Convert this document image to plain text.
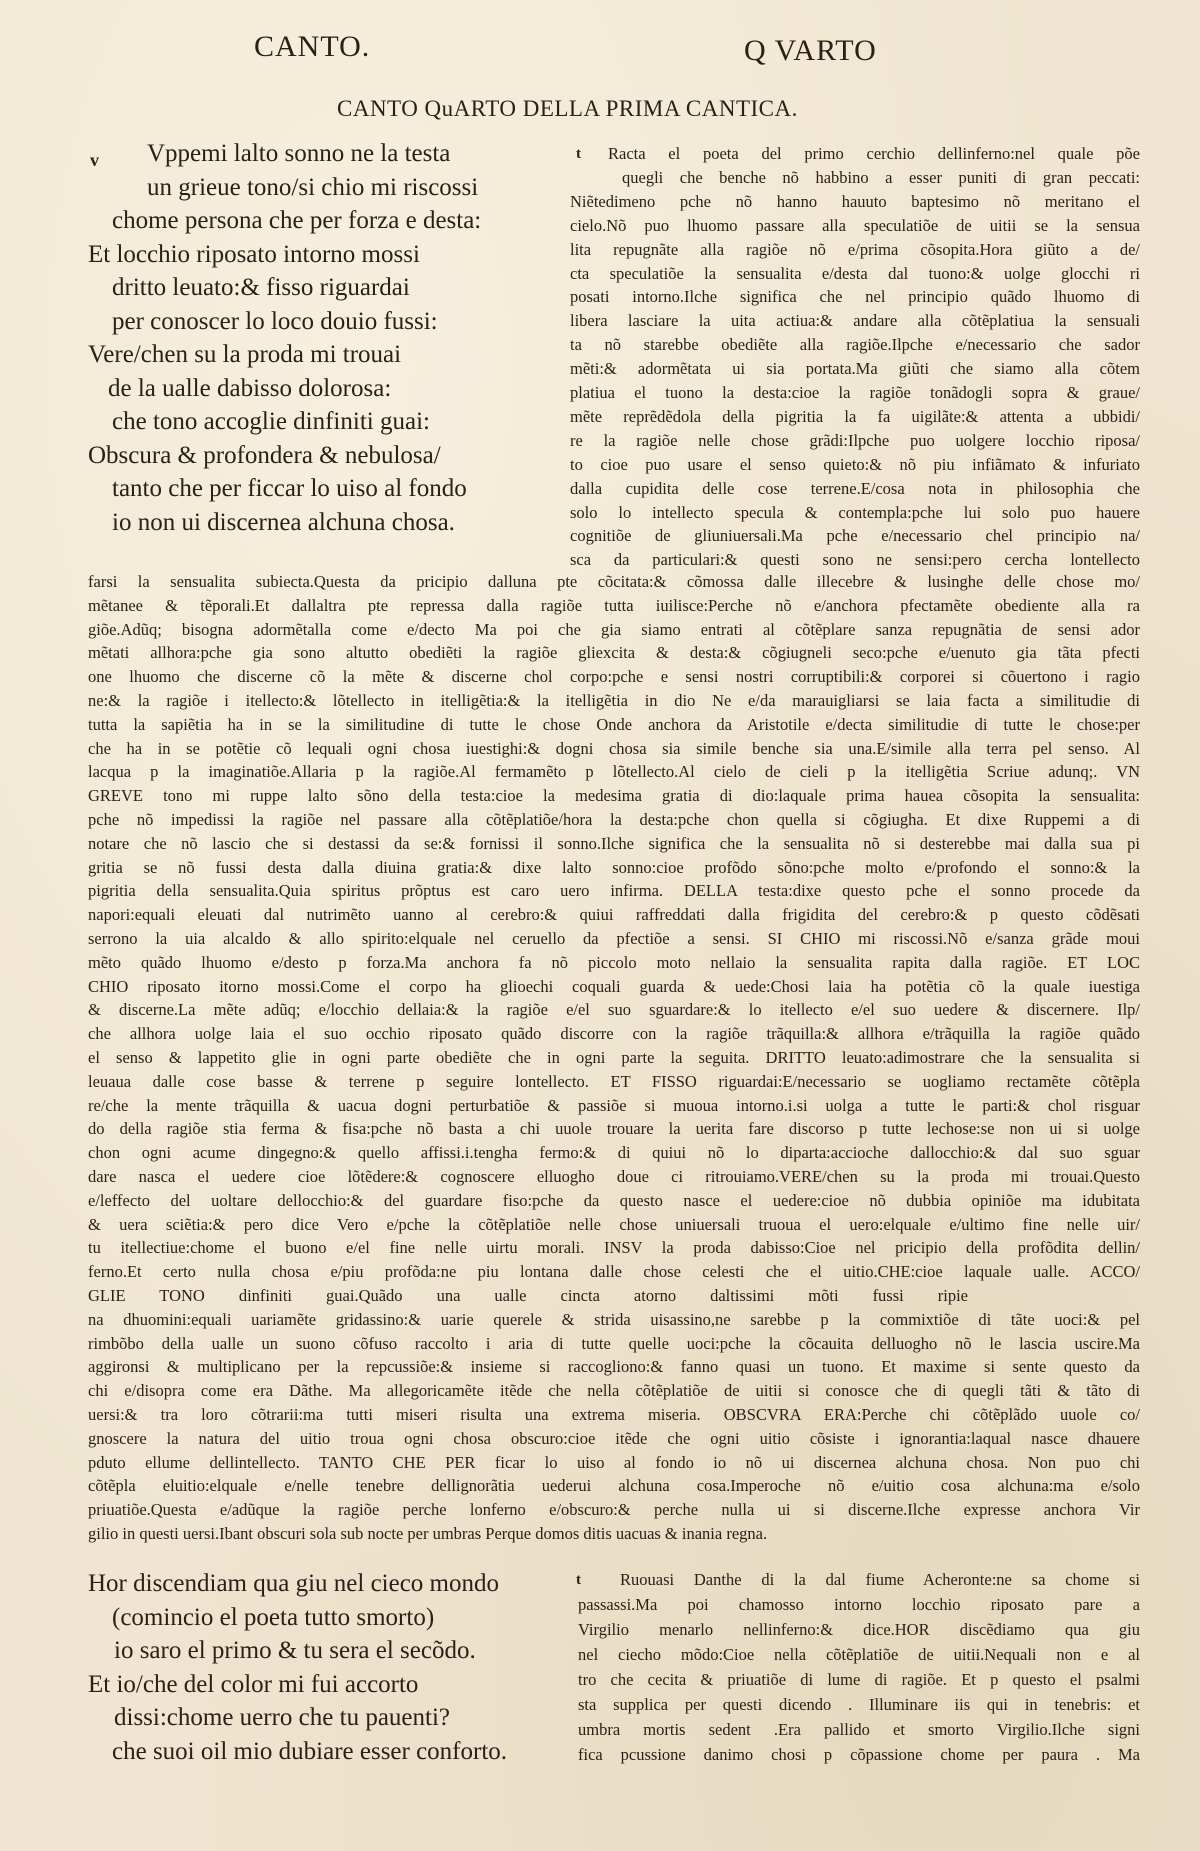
CANTO.	Q VARTO
CANTO QuARTO DELLA PRIMA CANTICA.
v	t
t
Vppemi lalto sonno ne la testa
un grieue tono/si chio mi riscossi
chome persona che per forza e desta:
Et locchio riposato intorno mossi
dritto leuato:& fisso riguardai
per conoscer lo loco douio fussi:
Vere/chen su la proda mi trouai
de la ualle dabisso dolorosa:
che tono accoglie dinfiniti guai:
Obscura & profondera & nebulosa/
tanto che per ficcar lo uiso al fondo
io non ui discernea alchuna chosa.
Racta el poeta del primo cerchio dellinferno:nel quale põe
quegli che benche nõ habbino a esser puniti di gran peccati:
Niẽtedimeno pche nõ hanno hauuto baptesimo nõ meritano el
cielo.Nõ puo lhuomo passare alla speculatiõe de uitii se la sensua
lita repugnãte alla ragiõe nõ e/prima cõsopita.Hora giũto a de/
cta speculatiõe la sensualita e/desta dal tuono:& uolge glocchi ri
posati intorno.Ilche significa che nel principio quãdo lhuomo di
libera lasciare la uita actiua:& andare alla cõtẽplatiua la sensuali
ta nõ starebbe obediẽte alla ragiõe.Ilpche e/necessario che sador
mẽti:& adormẽtata ui sia portata.Ma giũti che siamo alla cõtem
platiua el tuono la desta:cioe la ragiõe tonãdogli sopra & graue/
mẽte reprẽdẽdola della pigritia la fa uigilãte:& attenta a ubbidi/
re la ragiõe nelle chose grãdi:Ilpche puo uolgere locchio riposa/
to cioe puo usare el senso quieto:& nõ piu infiãmato & infuriato
dalla cupidita delle cose terrene.E/cosa nota in philosophia che
solo lo intellecto specula & contempla:pche lui solo puo hauere
cognitiõe de gliuniuersali.Ma pche e/necessario chel principio na/
sca da particulari:& questi sono ne sensi:pero cercha lontellecto
farsi la sensualita subiecta.Questa da pricipio dalluna pte cõcitata:& cõmossa dalle illecebre & lusinghe delle chose mo/
mẽtanee & tẽporali.Et dallaltra pte repressa dalla ragiõe tutta iuilisce:Perche nõ e/anchora pfectamẽte obediente alla ra
giõe.Adũq; bisogna adormẽtalla come e/decto Ma poi che gia siamo entrati al cõtẽplare sanza repugnãtia de sensi ador
mẽtati allhora:pche gia sono altutto obediẽti la ragiõe gliexcita & desta:& cõgiugneli seco:pche e/uenuto gia tãta pfecti
one lhuomo che discerne cõ la mẽte & discerne chol corpo:pche e sensi nostri corruptibili:& corporei si cõuertono i ragio
ne:& la ragiõe i itellecto:& lõtellecto in itelligẽtia:& la itelligẽtia in dio Ne e/da marauigliarsi se laia facta a similitudie di
tutta la sapiẽtia ha in se la similitudine di tutte le chose Onde anchora da Aristotile e/decta similitudie di tutte le chose:per
che ha in se potẽtie cõ lequali ogni chosa iuestighi:& dogni chosa sia simile benche sia una.E/simile alla terra pel senso. Al
lacqua p la imaginatiõe.Allaria p la ragiõe.Al fermamẽto p lõtellecto.Al cielo de cieli p la itelligẽtia Scriue adunq;. VN
GREVE tono mi ruppe lalto sõno della testa:cioe la medesima gratia di dio:laquale prima hauea cõsopita la sensualita:
pche nõ impedissi la ragiõe nel passare alla cõtẽplatiõe/hora la desta:pche chon quella si cõgiugha. Et dixe Ruppemi a di
notare che nõ lascio che si destassi da se:& fornissi il sonno.Ilche significa che la sensualita nõ si desterebbe mai dalla sua pi
gritia se nõ fussi desta dalla diuina gratia:& dixe lalto sonno:cioe profõdo sõno:pche molto e/profondo el sonno:& la
pigritia della sensualita.Quia spiritus prõptus est caro uero infirma. DELLA testa:dixe questo pche el sonno procede da
napori:equali eleuati dal nutrimẽto uanno al cerebro:& quiui raffreddati dalla frigidita del cerebro:& p questo cõdẽsati
serrono la uia alcaldo & allo spirito:elquale nel ceruello da pfectiõe a sensi. SI CHIO mi riscossi.Nõ e/sanza grãde moui
mẽto quãdo lhuomo e/desto p forza.Ma anchora fa nõ piccolo moto nellaio la sensualita rapita dalla ragiõe. ET LOC
CHIO riposato itorno mossi.Come el corpo ha glioechi coquali guarda & uede:Chosi laia ha potẽtia cõ la quale iuestiga
& discerne.La mẽte adũq; e/locchio dellaia:& la ragiõe e/el suo sguardare:& lo itellecto e/el suo uedere & discernere. Ilp/
che allhora uolge laia el suo occhio riposato quãdo discorre con la ragiõe trãquilla:& allhora e/trãquilla la ragiõe quãdo
el senso & lappetito glie in ogni parte obediẽte che in ogni parte la seguita. DRITTO leuato:adimostrare che la sensualita si
leuaua dalle cose basse & terrene p seguire lontellecto. ET FISSO riguardai:E/necessario se uogliamo rectamẽte cõtẽpla
re/che la mente trãquilla & uacua dogni perturbatiõe & passiõe si muoua intorno.i.si uolga a tutte le parti:& chol risguar
do della ragiõe stia ferma & fisa:pche nõ basta a chi uuole trouare la uerita fare discorso p tutte lechose:se non ui si uolge
chon ogni acume dingegno:& quello affissi.i.tengha fermo:& di quiui nõ lo diparta:accioche dallocchio:& dal suo sguar
dare nasca el uedere cioe lõtẽdere:& cognoscere elluogho doue ci ritrouiamo.VERE/chen su la proda mi trouai.Questo
e/leffecto del uoltare dellocchio:& del guardare fiso:pche da questo nasce el uedere:cioe nõ dubbia opiniõe ma idubitata
& uera sciẽtia:& pero dice Vero e/pche la cõtẽplatiõe nelle chose uniuersali truoua el uero:elquale e/ultimo fine nelle uir/
tu itellectiue:chome el buono e/el fine nelle uirtu morali. INSV la proda dabisso:Cioe nel pricipio della profõdita dellin/
ferno.Et certo nulla chosa e/piu profõda:ne piu lontana dalle chose celesti che el uitio.CHE:cioe laquale ualle. ACCO/
GLIE TONO dinfiniti guai.Quãdo una ualle cincta atorno daltissimi mõti fussi ripie
na dhuomini:equali uariamẽte gridassino:& uarie querele & strida uisassino,ne sarebbe p la commixtiõe di tãte uoci:& pel
rimbõbo della ualle un suono cõfuso raccolto i aria di tutte quelle uoci:pche la cõcauita delluogho nõ le lascia uscire.Ma
aggironsi & multiplicano per la repcussiõe:& insieme si raccogliono:& fanno quasi un tuono. Et maxime si sente questo da
chi e/disopra come era Dãthe. Ma allegoricamẽte itẽde che nella cõtẽplatiõe de uitii si conosce che di quegli tãti & tãto di
uersi:& tra loro cõtrarii:ma tutti miseri risulta una extrema miseria. OBSCVRA ERA:Perche chi cõtẽplãdo uuole co/
gnoscere la natura del uitio troua ogni chosa obscuro:cioe itẽde che ogni uitio cõsiste i ignorantia:laqual nasce dhauere
pduto ellume dellintellecto. TANTO CHE PER ficar lo uiso al fondo io nõ ui discernea alchuna chosa. Non puo chi
cõtẽpla eluitio:elquale e/nelle tenebre dellignorãtia uederui alchuna cosa.Imperoche nõ e/uitio cosa alchuna:ma e/solo
priuatiõe.Questa e/adũque la ragiõe perche lonferno e/obscuro:& perche nulla ui si discerne.Ilche expresse anchora Vir
gilio in questi uersi.Ibant obscuri sola sub nocte per umbras Perque domos ditis uacuas & inania regna.
Hor discendiam qua giu nel cieco mondo
(comincio el poeta tutto smorto)
io saro el primo & tu sera el secõdo.
Et io/che del color mi fui accorto
dissi:chome uerro che tu pauenti?
che suoi oil mio dubiare esser conforto.
Ruouasi Danthe di la dal fiume Acheronte:ne sa chome si
passassi.Ma poi chamosso intorno locchio riposato pare a
Virgilio menarlo nellinferno:& dice.HOR discẽdiamo qua giu
nel ciecho mõdo:Cioe nella cõtẽplatiõe de uitii.Nequali non e al
tro che cecita & priuatiõe di lume di ragiõe. Et p questo el psalmi
sta supplica per questi dicendo . Illuminare iis qui in tenebris: et
umbra mortis sedent .Era pallido et smorto Virgilio.Ilche signi
fica pcussione danimo chosi p cõpassione chome per paura . Ma
